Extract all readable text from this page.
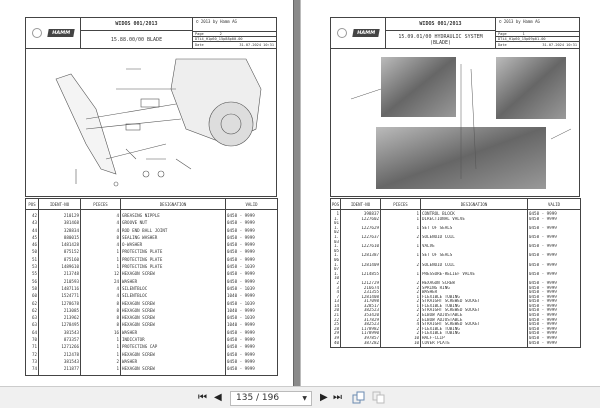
HAMM
WIDOS 001/2013
15.88.00/00 BLADE
© 2013 by Hamm AG
Page	2
DTi4_H1p60_15p88p00-00
Date	31.07.2024 10:31
POS	IDENT-NO	PIECES	DESIGNATION	VALID
42	210129	4	GREASING NIPPLE	0458 - 9999
43	381468	4	GROOVE NUT	0458 - 9999
44	328834	4	ROD END BALL JOINT	0458 - 9999
45	880015	8	SEALING WASHER	0458 - 9999
46	1481428	4	O-WASHER	0458 - 9999
50	875152	1	PROTECTING PLATE	0458 - 9999
51	875160	1	PROTECTING PLATE	0458 - 9999
53	1489610	1	PROTECTING PLATE	0458 - 1039
55	213748	12	HEXAGON SCREW	0458 - 9999
56	210593	24	WASHER	0458 - 9999
58	1487116	4	SILENTBLOC	0458 - 1039
60	1524771	4	SILENTBLOC	1040 - 9999
62	1278678	8	HEXAGON SCREW	0458 - 1039
62	213085	8	HEXAGON SCREW	1040 - 9999
63	213962	8	HEXAGON SCREW	0458 - 1039
63	1278495	8	HEXAGON SCREW	1040 - 9999
64	381543	16	WASHER	0458 - 9999
70	873357	1	INDICATOR	0458 - 9999
71	1271266	1	PROTECTING CAP	0458 - 9999
72	212478	1	HEXAGON SCREW	0458 - 9999
73	381543	2	WASHER	0458 - 9999
74	211877	1	HEXAGON SCREW	0458 - 9999
HAMM
WIDOS 001/2013
15.09.01/00 HYDRAULIC SYSTEM (BLADE)
© 2013 by Hamm AG
Page	1
DTi4_H1p60_15p09p01-00
Date	31.07.2024 10:31
POS	IDENT-NO	PIECES	DESIGNATION	VALID
1	398837	1	CONTROL BLOCK	0458 - 9999
1.	1227602	1	DIRECTIONAL VALVE	0458 - 9999
01				
1.	1227629	1	SET OF SEALS	0458 - 9999
02				
1.	1227637	2	SOLENOID COIL	0458 - 9999
03				
1.	1227610	1	VALVE	0458 - 9999
05				
1.	1281387	1	SET OF SEALS	0458 - 9999
06				
1.	1281409	2	SOLENOID COIL	0458 - 9999
07				
1.	1214855	1	PRESSURE-RELIEF VALVE	0458 - 9999
10				
2	1212729	2	HEXAGON SCREW	0458 - 9999
3	216674	2	SPRING RING	0458 - 9999
4	231355	2	WASHER	0458 - 9999
7	1281408	1	FLEXIBLE TUBING	0458 - 9999
13	317098	2	STRAIGHT SCREWED SOCKET	0458 - 9999
14	328517	1	FLEXIBLE TUBING	0458 - 9999
20	382523	2	STRAIGHT SCREWED SOCKET	0458 - 9999
21	353420	2	ELBOW ADJUSTABLE	0458 - 9999
22	317829	2	ELBOW ADJUSTABLE	0458 - 9999
25	382523	4	STRAIGHT SCREWED SOCKET	0458 - 9999
28	1178982	2	FLEXIBLE TUBING	0458 - 9999
29	1178990	2	FLEXIBLE TUBING	0458 - 9999
39	397857	10	HALF-CLIP	0458 - 9999
40	387282	10	COVER PLATE	0458 - 9999
⏮ ◀	135 / 196	▼ ▶ ⏭
